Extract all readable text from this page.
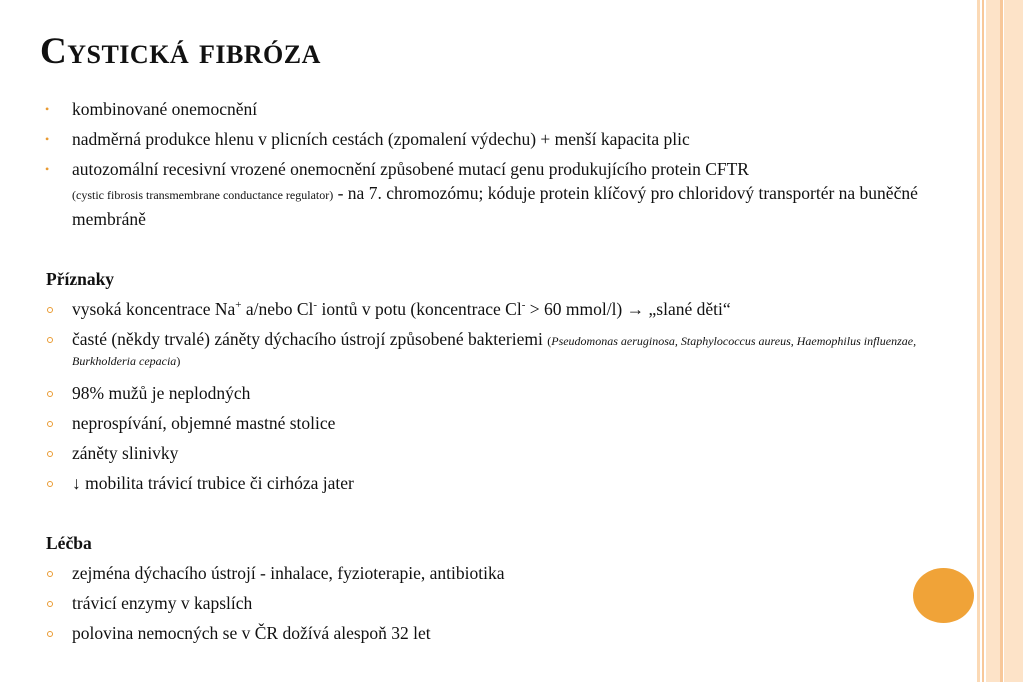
Cystická fibróza
• kombinované onemocnění
• nadměrná produkce hlenu v plicních cestách (zpomalení výdechu) + menší kapacita plic
• autozomální recesivní vrozené onemocnění způsobené mutací genu produkujícího protein CFTR
(cystic fibrosis transmembrane conductance regulator) - na 7. chromozómu; kóduje protein klíčový pro chloridový transportér na buněčné membráně
Příznaky
vysoká koncentrace Na+ a/nebo Cl- iontů v potu (koncentrace Cl- > 60 mmol/l) → „slané děti“
časté (někdy trvalé) záněty dýchacího ústrojí způsobené bakteriemi (Pseudomonas aeruginosa, Staphylococcus aureus, Haemophilus influenzae, Burkholderia cepacia)
98% mužů je neplodných
neprospívání, objemné mastné stolice
záněty slinivky
↓ mobilita trávicí trubice či cirhóza jater
Léčba
zejména dýchacího ústrojí - inhalace, fyzioterapie, antibiotika
trávicí enzymy v kapslích
polovina nemocných se v ČR dožívá alespoň 32 let
